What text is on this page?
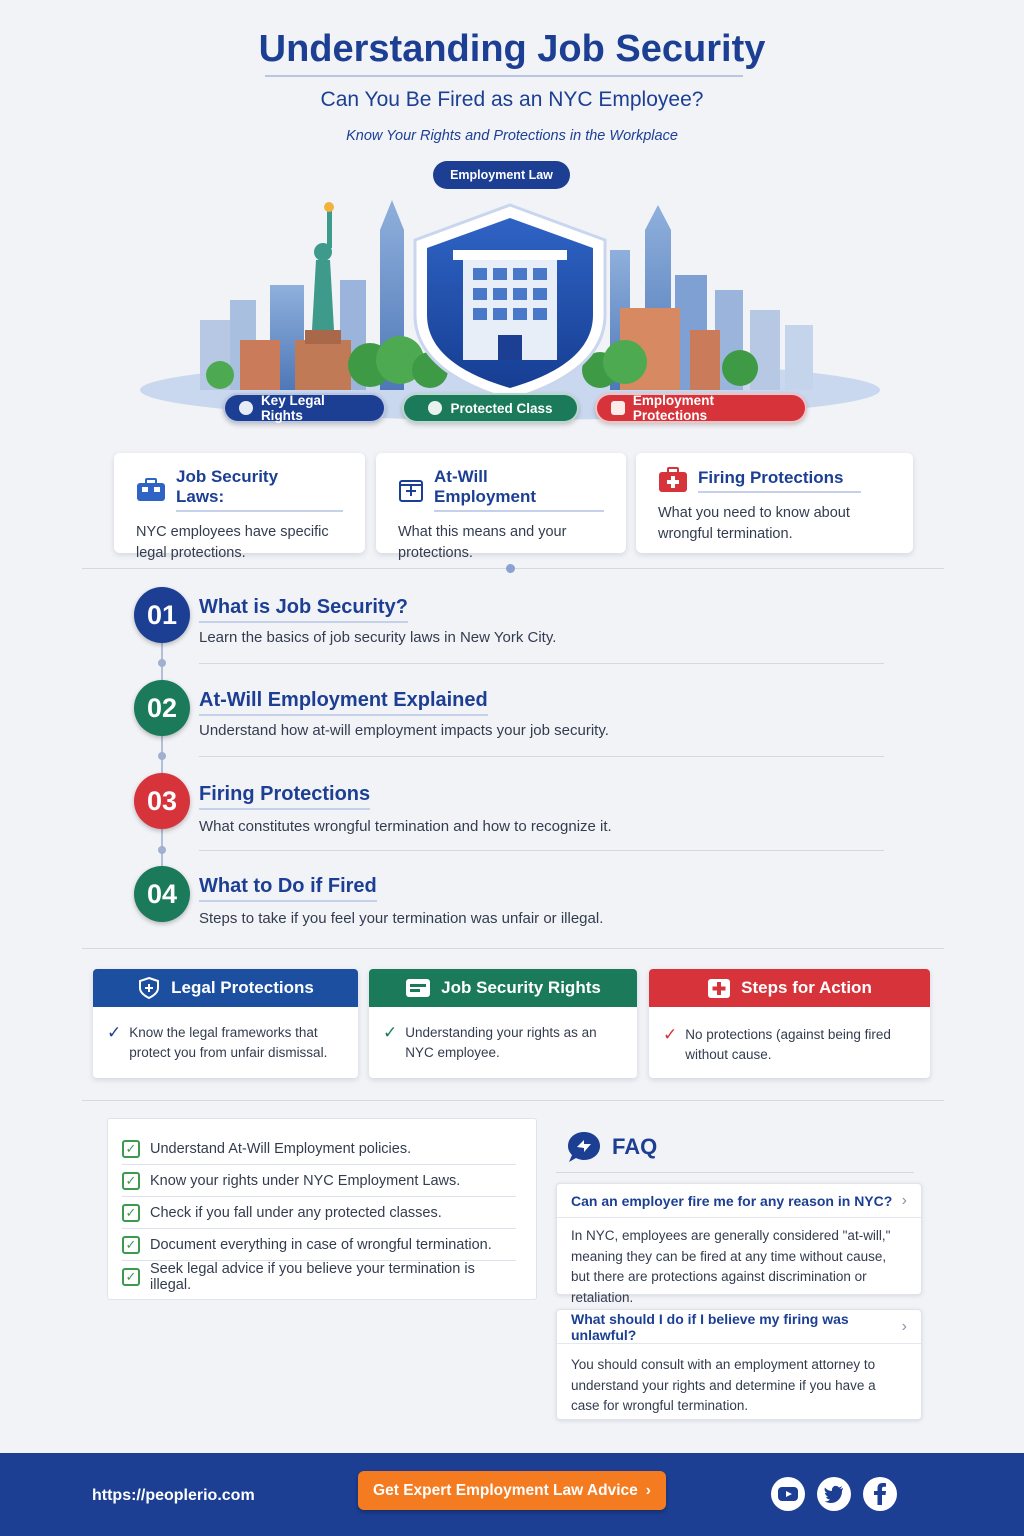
Understanding Job Security
Can You Be Fired as an NYC Employee?
Know Your Rights and Protections in the Workplace
Employment Law
Key Legal Rights	Protected Class	Employment Protections
Job Security Laws:
NYC employees have specific legal protections.
At-Will Employment
What this means and your protections.
Firing Protections
What you need to know about wrongful termination.
01	What is Job Security?
Learn the basics of job security laws in New York City.
02	At-Will Employment Explained
Understand how at-will employment impacts your job security.
03	Firing Protections
What constitutes wrongful termination and how to recognize it.
04	What to Do if Fired
Steps to take if you feel your termination was unfair or illegal.
Legal Protections
✓ Know the legal frameworks that protect you from unfair dismissal.
Job Security Rights
✓ Understanding your rights as an NYC employee.
Steps for Action
✓ No protections (against being fired without cause.
✓ Understand At-Will Employment policies.
✓ Know your rights under NYC Employment Laws.
✓ Check if you fall under any protected classes.
✓ Document everything in case of wrongful termination.
✓ Seek legal advice if you believe your termination is illegal.
FAQ
Can an employer fire me for any reason in NYC? ›
In NYC, employees are generally considered "at-will," meaning they can be fired at any time without cause, but there are protections against discrimination or retaliation.
What should I do if I believe my firing was unlawful?	›
You should consult with an employment attorney to understand your rights and determine if you have a case for wrongful termination.
https://peoplerio.com	Get Expert Employment Law Advice ›
